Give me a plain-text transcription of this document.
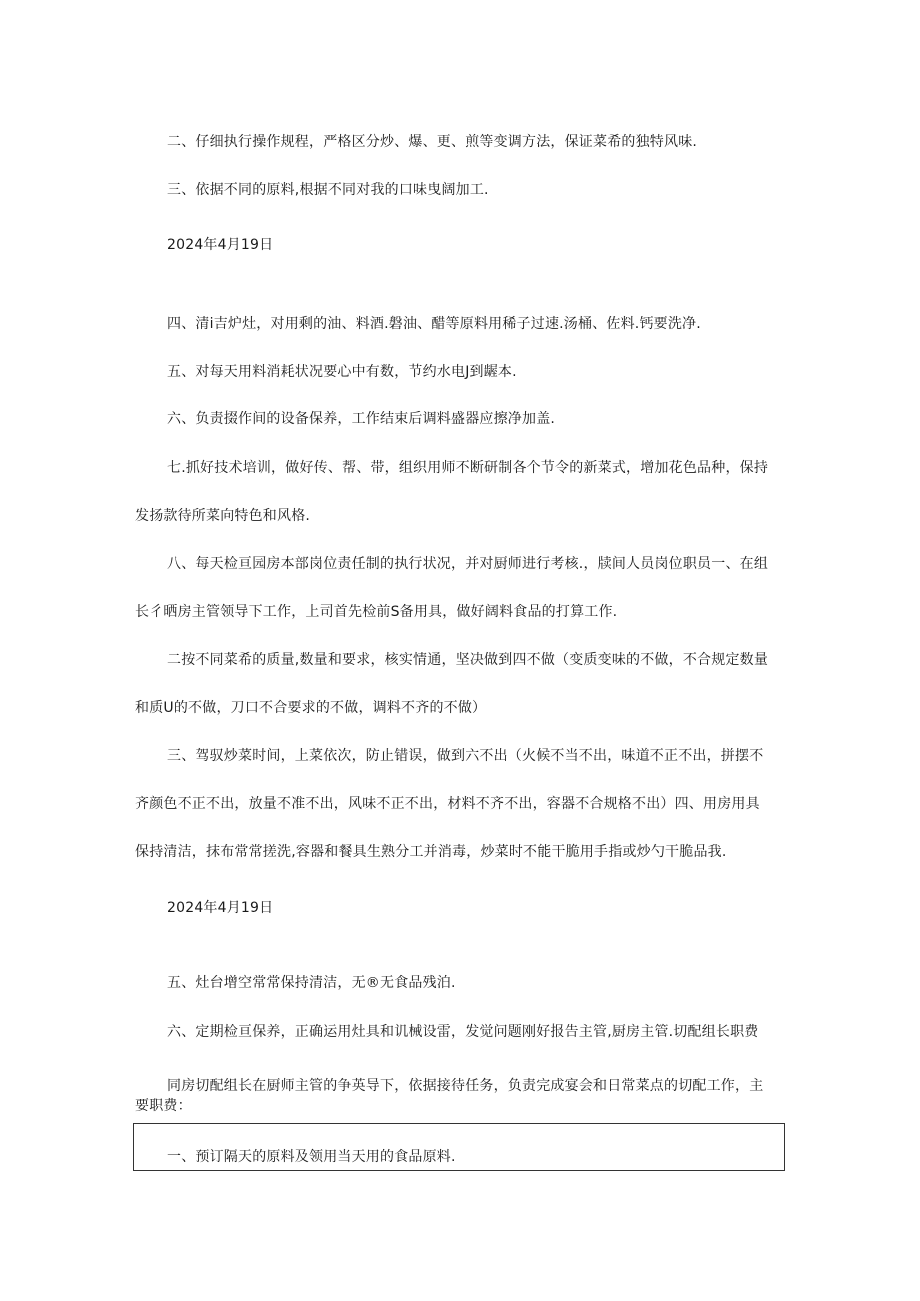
二、仔细执行操作规程，严格区分炒、爆、更、煎等变调方法，保证菜希的独特风味.
三、依据不同的原料,根据不同对我的口味曳阔加工.
2024年4月19日
四、清i吉炉灶，对用剩的油、料酒.磐油、醋等原料用稀子过速.汤桶、佐料.钙要洗净.
五、对每天用料消耗状况要心中有数，节约水电J到龌本.
六、负责掇作间的设备保养，工作结束后调料盛器应擦净加盖.
七.抓好技术培训，做好传、帮、带，组织用师不断研制各个节令的新菜式，增加花色品种，保持
发扬款待所菜向特色和风格.
八、每天检亘园房本部岗位责任制的执行状况，并对厨师进行考核.，牍间人员岗位职员一、在组
长彳晒房主管领导下工作，上司首先检前S备用具，做好阔料食品的打算工作.
二按不同菜希的质量,数量和要求，核实情通，坚决做到四不做（变质变味的不做，不合规定数量
和质U的不做，刀口不合要求的不做，调料不齐的不做）
三、驾驭炒菜时间，上菜依次，防止错误，做到六不出（火候不当不出，味道不正不出，拼摆不
齐颜色不正不出，放量不准不出，风味不正不出，材料不齐不出，容器不合规格不出）四、用房用具
保持清洁，抹布常常搓洗,容器和餐具生熟分工并消毒，炒菜时不能干脆用手指或炒勺干脆品我.
2024年4月19日
五、灶台增空常常保持清洁，无®无食品残泊.
六、定期检亘保养，正确运用灶具和讥械设雷，发觉问题刚好报告主管,厨房主管.切配组长职费
同房切配组长在厨师主管的争英导下，依据接待任务，负责完成宴会和日常菜点的切配工作，主
要职费：
一、预订隔天的原料及领用当天用的食品原料.
